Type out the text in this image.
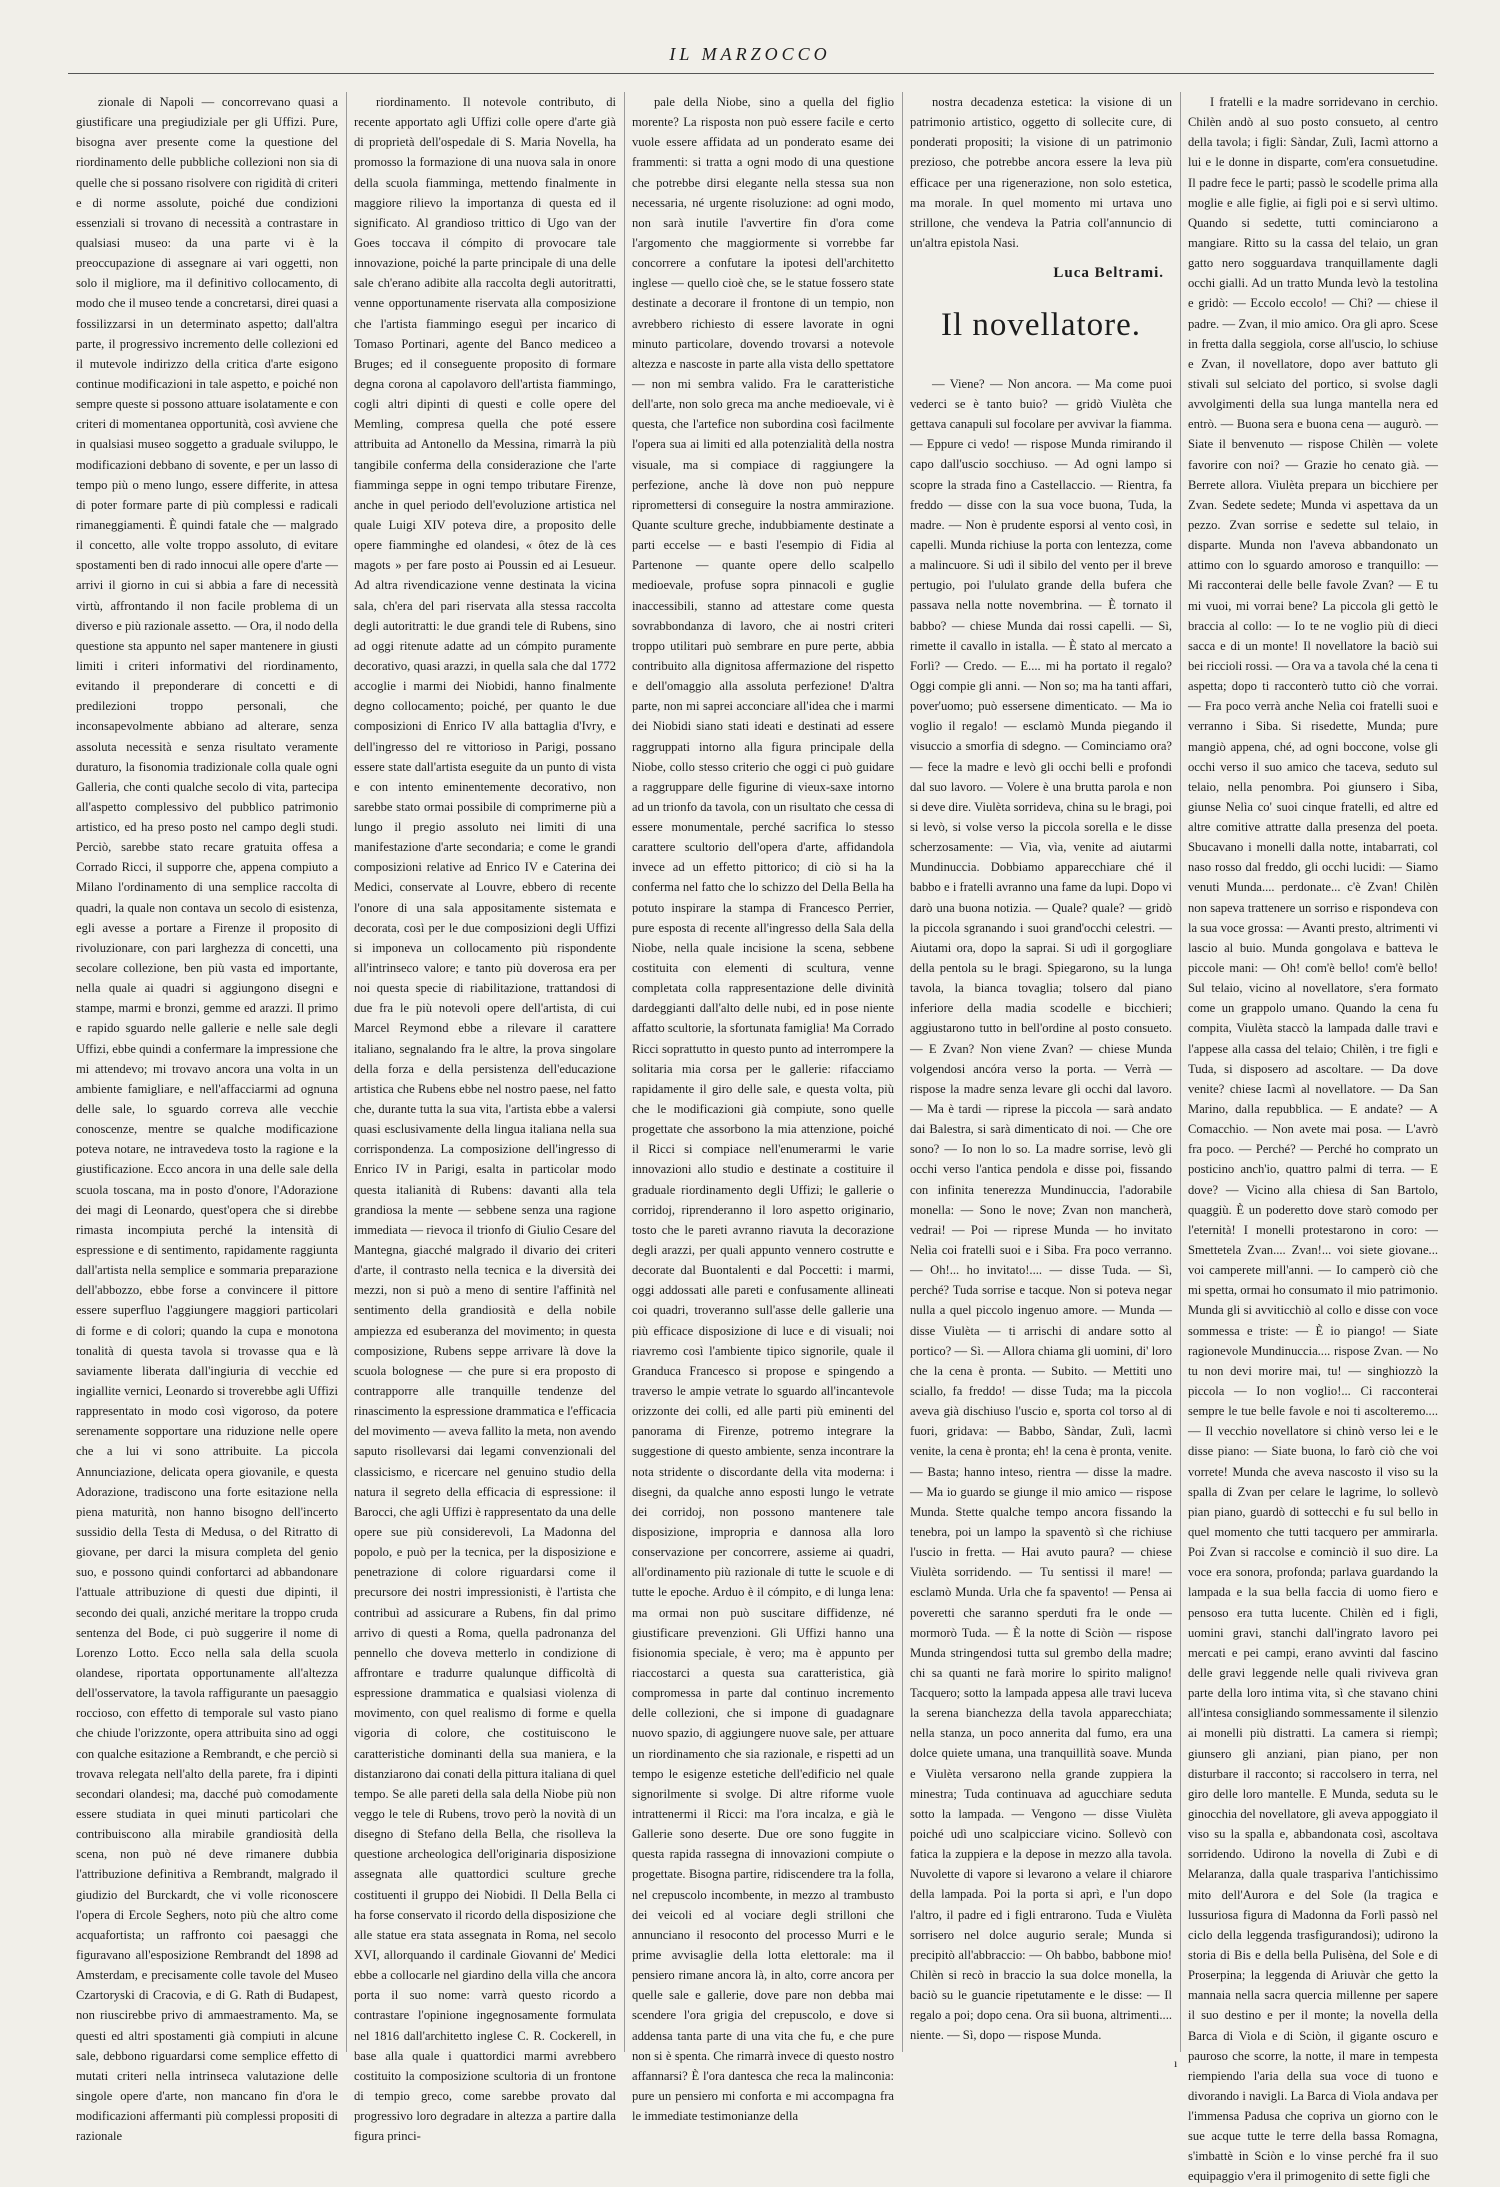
IL MARZOCCO

zionale di Napoli — concorrevano quasi a giustificare una pregiudiziale per gli Uffizi. Pure, bisogna aver presente come la questione del riordinamento delle pubbliche collezioni non sia di quelle che si possano risolvere con rigidità di criteri e di norme assolute, poiché due condizioni essenziali si trovano di necessità a contrastare in qualsiasi museo: da una parte vi è la preoccupazione di assegnare ai vari oggetti, non solo il migliore, ma il definitivo collocamento, di modo che il museo tende a concretarsi, direi quasi a fossilizzarsi in un determinato aspetto; dall'altra parte, il progressivo incremento delle collezioni ed il mutevole indirizzo della critica d'arte esigono continue modificazioni in tale aspetto, e poiché non sempre queste si possono attuare isolatamente e con criteri di momentanea opportunità, così avviene che in qualsiasi museo soggetto a graduale sviluppo, le modificazioni debbano di sovente, e per un lasso di tempo più o meno lungo, essere differite, in attesa di poter formare parte di più complessi e radicali rimaneggiamenti. È quindi fatale che — malgrado il concetto, alle volte troppo assoluto, di evitare spostamenti ben di rado innocui alle opere d'arte — arrivi il giorno in cui si abbia a fare di necessità virtù, affrontando il non facile problema di un diverso e più razionale assetto. — Ora, il nodo della questione sta appunto nel saper mantenere in giusti limiti i criteri informativi del riordinamento, evitando il preponderare di concetti e di predilezioni troppo personali, che inconsapevolmente abbiano ad alterare, senza assoluta necessità e senza risultato veramente duraturo, la fisonomia tradizionale colla quale ogni Galleria, che conti qualche secolo di vita, partecipa all'aspetto complessivo del pubblico patrimonio artistico, ed ha preso posto nel campo degli studi. Perciò, sarebbe stato recare gratuita offesa a Corrado Ricci, il supporre che, appena compiuto a Milano l'ordinamento di una semplice raccolta di quadri, la quale non contava un secolo di esistenza, egli avesse a portare a Firenze il proposito di rivoluzionare, con pari larghezza di concetti, una secolare collezione, ben più vasta ed importante, nella quale ai quadri si aggiungono disegni e stampe, marmi e bronzi, gemme ed arazzi. Il primo e rapido sguardo nelle gallerie e nelle sale degli Uffizi, ebbe quindi a confermare la impressione che mi attendevo; mi trovavo ancora una volta in un ambiente famigliare, e nell'affacciarmi ad ognuna delle sale, lo sguardo correva alle vecchie conoscenze, mentre se qualche modificazione poteva notare, ne intravedeva tosto la ragione e la giustificazione. Ecco ancora in una delle sale della scuola toscana, ma in posto d'onore, l'Adorazione dei magi di Leonardo, quest'opera che si direbbe rimasta incompiuta perché la intensità di espressione e di sentimento, rapidamente raggiunta dall'artista nella semplice e sommaria preparazione dell'abbozzo, ebbe forse a convincere il pittore essere superfluo l'aggiungere maggiori particolari di forme e di colori; quando la cupa e monotona tonalità di questa tavola si trovasse qua e là saviamente liberata dall'ingiuria di vecchie ed ingiallite vernici, Leonardo si troverebbe agli Uffizi rappresentato in modo così vigoroso, da potere serenamente sopportare una riduzione nelle opere che a lui vi sono attribuite. La piccola Annunciazione, delicata opera giovanile, e questa Adorazione, tradiscono una forte esitazione nella piena maturità, non hanno bisogno dell'incerto sussidio della Testa di Medusa, o del Ritratto di giovane, per darci la misura completa del genio suo, e possono quindi confortarci ad abbandonare l'attuale attribuzione di questi due dipinti, il secondo dei quali, anziché meritare la troppo cruda sentenza del Bode, ci può suggerire il nome di Lorenzo Lotto. Ecco nella sala della scuola olandese, riportata opportunamente all'altezza dell'osservatore, la tavola raffigurante un paesaggio roccioso, con effetto di temporale sul vasto piano che chiude l'orizzonte, opera attribuita sino ad oggi con qualche esitazione a Rembrandt, e che perciò si trovava relegata nell'alto della parete, fra i dipinti secondari olandesi; ma, dacché può comodamente essere studiata in quei minuti particolari che contribuiscono alla mirabile grandiosità della scena, non può né deve rimanere dubbia l'attribuzione definitiva a Rembrandt, malgrado il giudizio del Burckardt, che vi volle riconoscere l'opera di Ercole Seghers, noto più che altro come acquafortista; un raffronto coi paesaggi che figuravano all'esposizione Rembrandt del 1898 ad Amsterdam, e precisamente colle tavole del Museo Czartoryski di Cracovia, e di G. Rath di Budapest, non riuscirebbe privo di ammaestramento. Ma, se questi ed altri spostamenti già compiuti in alcune sale, debbono riguardarsi come semplice effetto di mutati criteri nella intrinseca valutazione delle singole opere d'arte, non mancano fin d'ora le modificazioni affermanti più complessi propositi di razionale

riordinamento. Il notevole contributo, di recente apportato agli Uffizi colle opere d'arte già di proprietà dell'ospedale di S. Maria Novella, ha promosso la formazione di una nuova sala in onore della scuola fiamminga, mettendo finalmente in maggiore rilievo la importanza di questa ed il significato. Al grandioso trittico di Ugo van der Goes toccava il cómpito di provocare tale innovazione, poiché la parte principale di una delle sale ch'erano adibite alla raccolta degli autoritratti, venne opportunamente riservata alla composizione che l'artista fiammingo eseguì per incarico di Tomaso Portinari, agente del Banco mediceo a Bruges; ed il conseguente proposito di formare degna corona al capolavoro dell'artista fiammingo, cogli altri dipinti di questi e colle opere del Memling, compresa quella che poté essere attribuita ad Antonello da Messina, rimarrà la più tangibile conferma della considerazione che l'arte fiamminga seppe in ogni tempo tributare Firenze, anche in quel periodo dell'evoluzione artistica nel quale Luigi XIV poteva dire, a proposito delle opere fiamminghe ed olandesi, « ôtez de là ces magots » per fare posto ai Poussin ed ai Lesueur. Ad altra rivendicazione venne destinata la vicina sala, ch'era del pari riservata alla stessa raccolta degli autoritratti: le due grandi tele di Rubens, sino ad oggi ritenute adatte ad un cómpito puramente decorativo, quasi arazzi, in quella sala che dal 1772 accoglie i marmi dei Niobidi, hanno finalmente degno collocamento; poiché, per quanto le due composizioni di Enrico IV alla battaglia d'Ivry, e dell'ingresso del re vittorioso in Parigi, possano essere state dall'artista eseguite da un punto di vista e con intento eminentemente decorativo, non sarebbe stato ormai possibile di comprimerne più a lungo il pregio assoluto nei limiti di una manifestazione d'arte secondaria; e come le grandi composizioni relative ad Enrico IV e Caterina dei Medici, conservate al Louvre, ebbero di recente l'onore di una sala appositamente sistemata e decorata, così per le due composizioni degli Uffizi si imponeva un collocamento più rispondente all'intrinseco valore; e tanto più doverosa era per noi questa specie di riabilitazione, trattandosi di due fra le più notevoli opere dell'artista, di cui Marcel Reymond ebbe a rilevare il carattere italiano, segnalando fra le altre, la prova singolare della forza e della persistenza dell'educazione artistica che Rubens ebbe nel nostro paese, nel fatto che, durante tutta la sua vita, l'artista ebbe a valersi quasi esclusivamente della lingua italiana nella sua corrispondenza. La composizione dell'ingresso di Enrico IV in Parigi, esalta in particolar modo questa italianità di Rubens: davanti alla tela grandiosa la mente — sebbene senza una ragione immediata — rievoca il trionfo di Giulio Cesare del Mantegna, giacché malgrado il divario dei criteri d'arte, il contrasto nella tecnica e la diversità dei mezzi, non si può a meno di sentire l'affinità nel sentimento della grandiosità e della nobile ampiezza ed esuberanza del movimento; in questa composizione, Rubens seppe arrivare là dove la scuola bolognese — che pure si era proposto di contrapporre alle tranquille tendenze del rinascimento la espressione drammatica e l'efficacia del movimento — aveva fallito la meta, non avendo saputo risollevarsi dai legami convenzionali del classicismo, e ricercare nel genuino studio della natura il segreto della efficacia di espressione: il Barocci, che agli Uffizi è rappresentato da una delle opere sue più considerevoli, La Madonna del popolo, e può per la tecnica, per la disposizione e penetrazione di colore riguardarsi come il precursore dei nostri impressionisti, è l'artista che contribuì ad assicurare a Rubens, fin dal primo arrivo di questi a Roma, quella padronanza del pennello che doveva metterlo in condizione di affrontare e tradurre qualunque difficoltà di espressione drammatica e qualsiasi violenza di movimento, con quel realismo di forme e quella vigoria di colore, che costituiscono le caratteristiche dominanti della sua maniera, e la distanziarono dai conati della pittura italiana di quel tempo. Se alle pareti della sala della Niobe più non veggo le tele di Rubens, trovo però la novità di un disegno di Stefano della Bella, che risolleva la questione archeologica dell'originaria disposizione assegnata alle quattordici sculture greche costituenti il gruppo dei Niobidi. Il Della Bella ci ha forse conservato il ricordo della disposizione che alle statue era stata assegnata in Roma, nel secolo XVI, allorquando il cardinale Giovanni de' Medici ebbe a collocarle nel giardino della villa che ancora porta il suo nome: varrà questo ricordo a contrastare l'opinione ingegnosamente formulata nel 1816 dall'architetto inglese C. R. Cockerell, in base alla quale i quattordici marmi avrebbero costituito la composizione scultoria di un frontone di tempio greco, come sarebbe provato dal progressivo loro degradare in altezza a partire dalla figura princi-

pale della Niobe, sino a quella del figlio morente? La risposta non può essere facile e certo vuole essere affidata ad un ponderato esame dei frammenti: si tratta a ogni modo di una questione che potrebbe dirsi elegante nella stessa sua non necessaria, né urgente risoluzione: ad ogni modo, non sarà inutile l'avvertire fin d'ora come l'argomento che maggiormente si vorrebbe far concorrere a confutare la ipotesi dell'architetto inglese — quello cioè che, se le statue fossero state destinate a decorare il frontone di un tempio, non avrebbero richiesto di essere lavorate in ogni minuto particolare, dovendo trovarsi a notevole altezza e nascoste in parte alla vista dello spettatore — non mi sembra valido. Fra le caratteristiche dell'arte, non solo greca ma anche medioevale, vi è questa, che l'artefice non subordina così facilmente l'opera sua ai limiti ed alla potenzialità della nostra visuale, ma si compiace di raggiungere la perfezione, anche là dove non può neppure ripromettersi di conseguire la nostra ammirazione. Quante sculture greche, indubbiamente destinate a parti eccelse — e basti l'esempio di Fidia al Partenone — quante opere dello scalpello medioevale, profuse sopra pinnacoli e guglie inaccessibili, stanno ad attestare come questa sovrabbondanza di lavoro, che ai nostri criteri troppo utilitari può sembrare en pure perte, abbia contribuito alla dignitosa affermazione del rispetto e dell'omaggio alla assoluta perfezione! D'altra parte, non mi saprei acconciare all'idea che i marmi dei Niobidi siano stati ideati e destinati ad essere raggruppati intorno alla figura principale della Niobe, collo stesso criterio che oggi ci può guidare a raggruppare delle figurine di vieux-saxe intorno ad un trionfo da tavola, con un risultato che cessa di essere monumentale, perché sacrifica lo stesso carattere scultorio dell'opera d'arte, affidandola invece ad un effetto pittorico; di ciò si ha la conferma nel fatto che lo schizzo del Della Bella ha potuto inspirare la stampa di Francesco Perrier, pure esposta di recente all'ingresso della Sala della Niobe, nella quale incisione la scena, sebbene costituita con elementi di scultura, venne completata colla rappresentazione delle divinità dardeggianti dall'alto delle nubi, ed in pose niente affatto scultorie, la sfortunata famiglia! Ma Corrado Ricci soprattutto in questo punto ad interrompere la solitaria mia corsa per le gallerie: rifacciamo rapidamente il giro delle sale, e questa volta, più che le modificazioni già compiute, sono quelle progettate che assorbono la mia attenzione, poiché il Ricci si compiace nell'enumerarmi le varie innovazioni allo studio e destinate a costituire il graduale riordinamento degli Uffizi; le gallerie o corridoj, riprenderanno il loro aspetto originario, tosto che le pareti avranno riavuta la decorazione degli arazzi, per quali appunto vennero costrutte e decorate dal Buontalenti e dal Poccetti: i marmi, oggi addossati alle pareti e confusamente allineati coi quadri, troveranno sull'asse delle gallerie una più efficace disposizione di luce e di visuali; noi riavremo così l'ambiente tipico signorile, quale il Granduca Francesco si propose e spingendo a traverso le ampie vetrate lo sguardo all'incantevole orizzonte dei colli, ed alle parti più eminenti del panorama di Firenze, potremo integrare la suggestione di questo ambiente, senza incontrare la nota stridente o discordante della vita moderna: i disegni, da qualche anno esposti lungo le vetrate dei corridoj, non possono mantenere tale disposizione, impropria e dannosa alla loro conservazione per concorrere, assieme ai quadri, all'ordinamento più razionale di tutte le scuole e di tutte le epoche. Arduo è il cómpito, e di lunga lena: ma ormai non può suscitare diffidenze, né giustificare prevenzioni. Gli Uffizi hanno una fisionomia speciale, è vero; ma è appunto per riaccostarci a questa sua caratteristica, già compromessa in parte dal continuo incremento delle collezioni, che si impone di guadagnare nuovo spazio, di aggiungere nuove sale, per attuare un riordinamento che sia razionale, e rispetti ad un tempo le esigenze estetiche dell'edificio nel quale signorilmente si svolge. Di altre riforme vuole intrattenermi il Ricci: ma l'ora incalza, e già le Gallerie sono deserte. Due ore sono fuggite in questa rapida rassegna di innovazioni compiute o progettate. Bisogna partire, ridiscendere tra la folla, nel crepuscolo incombente, in mezzo al trambusto dei veicoli ed al vociare degli strilloni che annunciano il resoconto del processo Murri e le prime avvisaglie della lotta elettorale: ma il pensiero rimane ancora là, in alto, corre ancora per quelle sale e gallerie, dove pare non debba mai scendere l'ora grigia del crepuscolo, e dove si addensa tanta parte di una vita che fu, e che pure non si è spenta. Che rimarrà invece di questo nostro affannarsi? È l'ora dantesca che reca la malinconia: pure un pensiero mi conforta e mi accompagna fra le immediate testimonianze della

nostra decadenza estetica: la visione di un patrimonio artistico, oggetto di sollecite cure, di ponderati propositi; la visione di un patrimonio prezioso, che potrebbe ancora essere la leva più efficace per una rigenerazione, non solo estetica, ma morale. In quel momento mi urtava uno strillone, che vendeva la Patria coll'annuncio di un'altra epistola Nasi.

Luca Beltrami.
Il novellatore.

— Viene? — Non ancora. — Ma come puoi vederci se è tanto buio? — gridò Viulèta che gettava canapuli sul focolare per avvivar la fiamma. — Eppure ci vedo! — rispose Munda rimirando il capo dall'uscio socchiuso. — Ad ogni lampo si scopre la strada fino a Castellaccio. — Rientra, fa freddo — disse con la sua voce buona, Tuda, la madre. — Non è prudente esporsi al vento così, in capelli. Munda richiuse la porta con lentezza, come a malincuore. Si udì il sibilo del vento per il breve pertugio, poi l'ululato grande della bufera che passava nella notte novembrina. — È tornato il babbo? — chiese Munda dai rossi capelli. — Sì, rimette il cavallo in istalla. — È stato al mercato a Forlì? — Credo. — E.... mi ha portato il regalo? Oggi compie gli anni. — Non so; ma ha tanti affari, pover'uomo; può essersene dimenticato. — Ma io voglio il regalo! — esclamò Munda piegando il visuccio a smorfia di sdegno. — Cominciamo ora? — fece la madre e levò gli occhi belli e profondi dal suo lavoro. — Volere è una brutta parola e non si deve dire. Viulèta sorrideva, china su le bragi, poi si levò, si volse verso la piccola sorella e le disse scherzosamente: — Vìa, vìa, venite ad aiutarmi Mundinuccia. Dobbiamo apparecchiare ché il babbo e i fratelli avranno una fame da lupi. Dopo vi darò una buona notizia. — Quale? quale? — gridò la piccola sgranando i suoi grand'occhi celestri. — Aiutami ora, dopo la saprai. Si udì il gorgogliare della pentola su le bragi. Spiegarono, su la lunga tavola, la bianca tovaglia; tolsero dal piano inferiore della madia scodelle e bicchieri; aggiustarono tutto in bell'ordine al posto consueto. — E Zvan? Non viene Zvan? — chiese Munda volgendosi ancóra verso la porta. — Verrà — rispose la madre senza levare gli occhi dal lavoro. — Ma è tardi — riprese la piccola — sarà andato dai Balestra, si sarà dimenticato di noi. — Che ore sono? — Io non lo so. La madre sorrise, levò gli occhi verso l'antica pendola e disse poi, fissando con infinita tenerezza Mundinuccia, l'adorabile monella: — Sono le nove; Zvan non mancherà, vedrai! — Poi — riprese Munda — ho invitato Nelìa coi fratelli suoi e i Siba. Fra poco verranno. — Oh!... ho invitato!.... — disse Tuda. — Sì, perché? Tuda sorrise e tacque. Non si poteva negar nulla a quel piccolo ingenuo amore. — Munda — disse Viulèta — ti arrischi di andare sotto al portico? — Sì. — Allora chiama gli uomini, di' loro che la cena è pronta. — Subito. — Mettiti uno sciallo, fa freddo! — disse Tuda; ma la piccola aveva già dischiuso l'uscio e, sporta col torso al di fuori, gridava: — Babbo, Sàndar, Zulì, lacmì venite, la cena è pronta; eh! la cena è pronta, venite. — Basta; hanno inteso, rientra — disse la madre. — Ma io guardo se giunge il mio amico — rispose Munda. Stette qualche tempo ancora fissando la tenebra, poi un lampo la spaventò sì che richiuse l'uscio in fretta. — Hai avuto paura? — chiese Viulèta sorridendo. — Tu sentissi il mare! — esclamò Munda. Urla che fa spavento! — Pensa ai poveretti che saranno sperduti fra le onde — mormorò Tuda. — È la notte di Sciòn — rispose Munda stringendosi tutta sul grembo della madre; chi sa quanti ne farà morire lo spirito maligno! Tacquero; sotto la lampada appesa alle travi luceva la serena bianchezza della tavola apparecchiata; nella stanza, un poco annerita dal fumo, era una dolce quiete umana, una tranquillità soave. Munda e Viulèta versarono nella grande zuppiera la minestra; Tuda continuava ad agucchiare seduta sotto la lampada. — Vengono — disse Viulèta poiché udì uno scalpicciare vicino. Sollevò con fatica la zuppiera e la depose in mezzo alla tavola. Nuvolette di vapore si levarono a velare il chiarore della lampada. Poi la porta si aprì, e l'un dopo l'altro, il padre ed i figli entrarono. Tuda e Viulèta sorrisero nel dolce augurio serale; Munda si precipitò all'abbraccio: — Oh babbo, babbone mio! Chilèn si recò in braccio la sua dolce monella, la baciò su le guancie ripetutamente e le disse: — Il regalo a poi; dopo cena. Ora siì buona, altrimenti.... niente. — Sì, dopo — rispose Munda.

I fratelli e la madre sorridevano in cerchio. Chilèn andò al suo posto consueto, al centro della tavola; i figli: Sàndar, Zulì, Iacmì attorno a lui e le donne in disparte, com'era consuetudine. Il padre fece le parti; passò le scodelle prima alla moglie e alle figlie, ai figli poi e si servì ultimo. Quando si sedette, tutti cominciarono a mangiare. Ritto su la cassa del telaio, un gran gatto nero sogguardava tranquillamente dagli occhi gialli. Ad un tratto Munda levò la testolina e gridò: — Eccolo eccolo! — Chi? — chiese il padre. — Zvan, il mio amico. Ora gli apro. Scese in fretta dalla seggiola, corse all'uscio, lo schiuse e Zvan, il novellatore, dopo aver battuto gli stivali sul selciato del portico, si svolse dagli avvolgimenti della sua lunga mantella nera ed entrò. — Buona sera e buona cena — augurò. — Siate il benvenuto — rispose Chilèn — volete favorire con noi? — Grazie ho cenato già. — Berrete allora. Viulèta prepara un bicchiere per Zvan. Sedete sedete; Munda vi aspettava da un pezzo. Zvan sorrise e sedette sul telaio, in disparte. Munda non l'aveva abbandonato un attimo con lo sguardo amoroso e tranquillo: — Mi racconterai delle belle favole Zvan? — E tu mi vuoi, mi vorrai bene? La piccola gli gettò le braccia al collo: — Io te ne voglio più di dieci sacca e di un monte! Il novellatore la baciò sui bei riccioli rossi. — Ora va a tavola ché la cena ti aspetta; dopo ti racconterò tutto ciò che vorrai. — Fra poco verrà anche Nelìa coi fratelli suoi e verranno i Siba. Si risedette, Munda; pure mangiò appena, ché, ad ogni boccone, volse gli occhi verso il suo amico che taceva, seduto sul telaio, nella penombra. Poi giunsero i Siba, giunse Nelìa co' suoi cinque fratelli, ed altre ed altre comitive attratte dalla presenza del poeta. Sbucavano i monelli dalla notte, intabarrati, col naso rosso dal freddo, gli occhi lucidi: — Siamo venuti Munda.... perdonate... c'è Zvan! Chilèn non sapeva trattenere un sorriso e rispondeva con la sua voce grossa: — Avanti presto, altrimenti vi lascio al buio. Munda gongolava e batteva le piccole mani: — Oh! com'è bello! com'è bello! Sul telaio, vicino al novellatore, s'era formato come un grappolo umano. Quando la cena fu compita, Viulèta staccò la lampada dalle travi e l'appese alla cassa del telaio; Chilèn, i tre figli e Tuda, si disposero ad ascoltare. — Da dove venite? chiese Iacmì al novellatore. — Da San Marino, dalla repubblica. — E andate? — A Comacchio. — Non avete mai posa. — L'avrò fra poco. — Perché? — Perché ho comprato un posticino anch'io, quattro palmi di terra. — E dove? — Vicino alla chiesa di San Bartolo, quaggiù. È un poderetto dove starò comodo per l'eternità! I monelli protestarono in coro: — Smettetela Zvan.... Zvan!... voi siete giovane... voi camperete mill'anni. — Io camperò ciò che mi spetta, ormai ho consumato il mio patrimonio. Munda gli si avviticchiò al collo e disse con voce sommessa e triste: — È io piango! — Siate ragionevole Mundinuccia.... rispose Zvan. — No tu non devi morire mai, tu! — singhiozzò la piccola — Io non voglio!... Ci racconterai sempre le tue belle favole e noi ti ascolteremo.... — Il vecchio novellatore si chinò verso lei e le disse piano: — Siate buona, lo farò ciò che voi vorrete! Munda che aveva nascosto il viso su la spalla di Zvan per celare le lagrime, lo sollevò pian piano, guardò di sottecchi e fu sul bello in quel momento che tutti tacquero per ammirarla. Poi Zvan si raccolse e cominciò il suo dire. La voce era sonora, profonda; parlava guardando la lampada e la sua bella faccia di uomo fiero e pensoso era tutta lucente. Chilèn ed i figli, uomini gravi, stanchi dall'ingrato lavoro pei mercati e pei campi, erano avvinti dal fascino delle gravi leggende nelle quali riviveva gran parte della loro intima vita, sì che stavano chini all'intesa consigliando sommessamente il silenzio ai monelli più distratti. La camera si riempì; giunsero gli anziani, pian piano, per non disturbare il racconto; si raccolsero in terra, nel giro delle loro mantelle. E Munda, seduta su le ginocchia del novellatore, gli aveva appoggiato il viso su la spalla e, abbandonata così, ascoltava sorridendo. Udirono la novella di Zubì e di Melaranza, dalla quale traspariva l'antichissimo mito dell'Aurora e del Sole (la tragica e lussuriosa figura di Madonna da Forlì passò nel ciclo della leggenda trasfigurandosi); udirono la storia di Bis e della bella Pulisèna, del Sole e di Proserpina; la leggenda di Ariuvàr che getto la mannaia nella sacra quercia millenne per sapere il suo destino e per il monte; la novella della Barca di Viola e di Sciòn, il gigante oscuro e pauroso che scorre, la notte, il mare in tempesta riempiendo l'aria della sua voce di tuono e divorando i navigli. La Barca di Viola andava per l'immensa Padusa che copriva un giorno con le sue acque tutte le terre della bassa Romagna, s'imbattè in Sciòn e lo vinse perché fra il suo equipaggio v'era il primogenito di sette figli che

ı
